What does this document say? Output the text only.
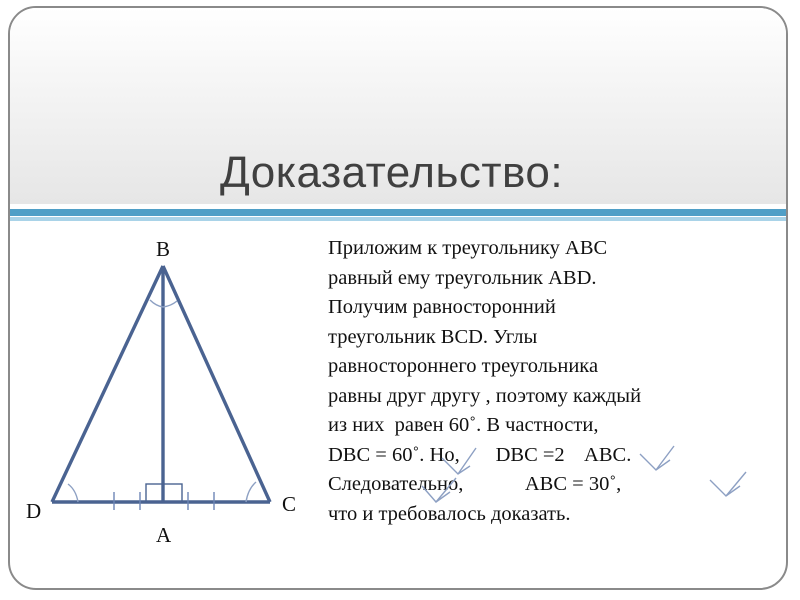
Доказательство:
Приложим к треугольнику ABC
равный ему треугольник ABD.
Получим равносторонний
треугольник BCD. Углы
равностороннего треугольника
равны друг другу , поэтому каждый
из них  равен 60˚. В частности,
DBC = 60˚. Но,       DBC =2    ABC.
Следовательно,            ABC = 30˚,
что и требовалось доказать.
B
D	C
A
